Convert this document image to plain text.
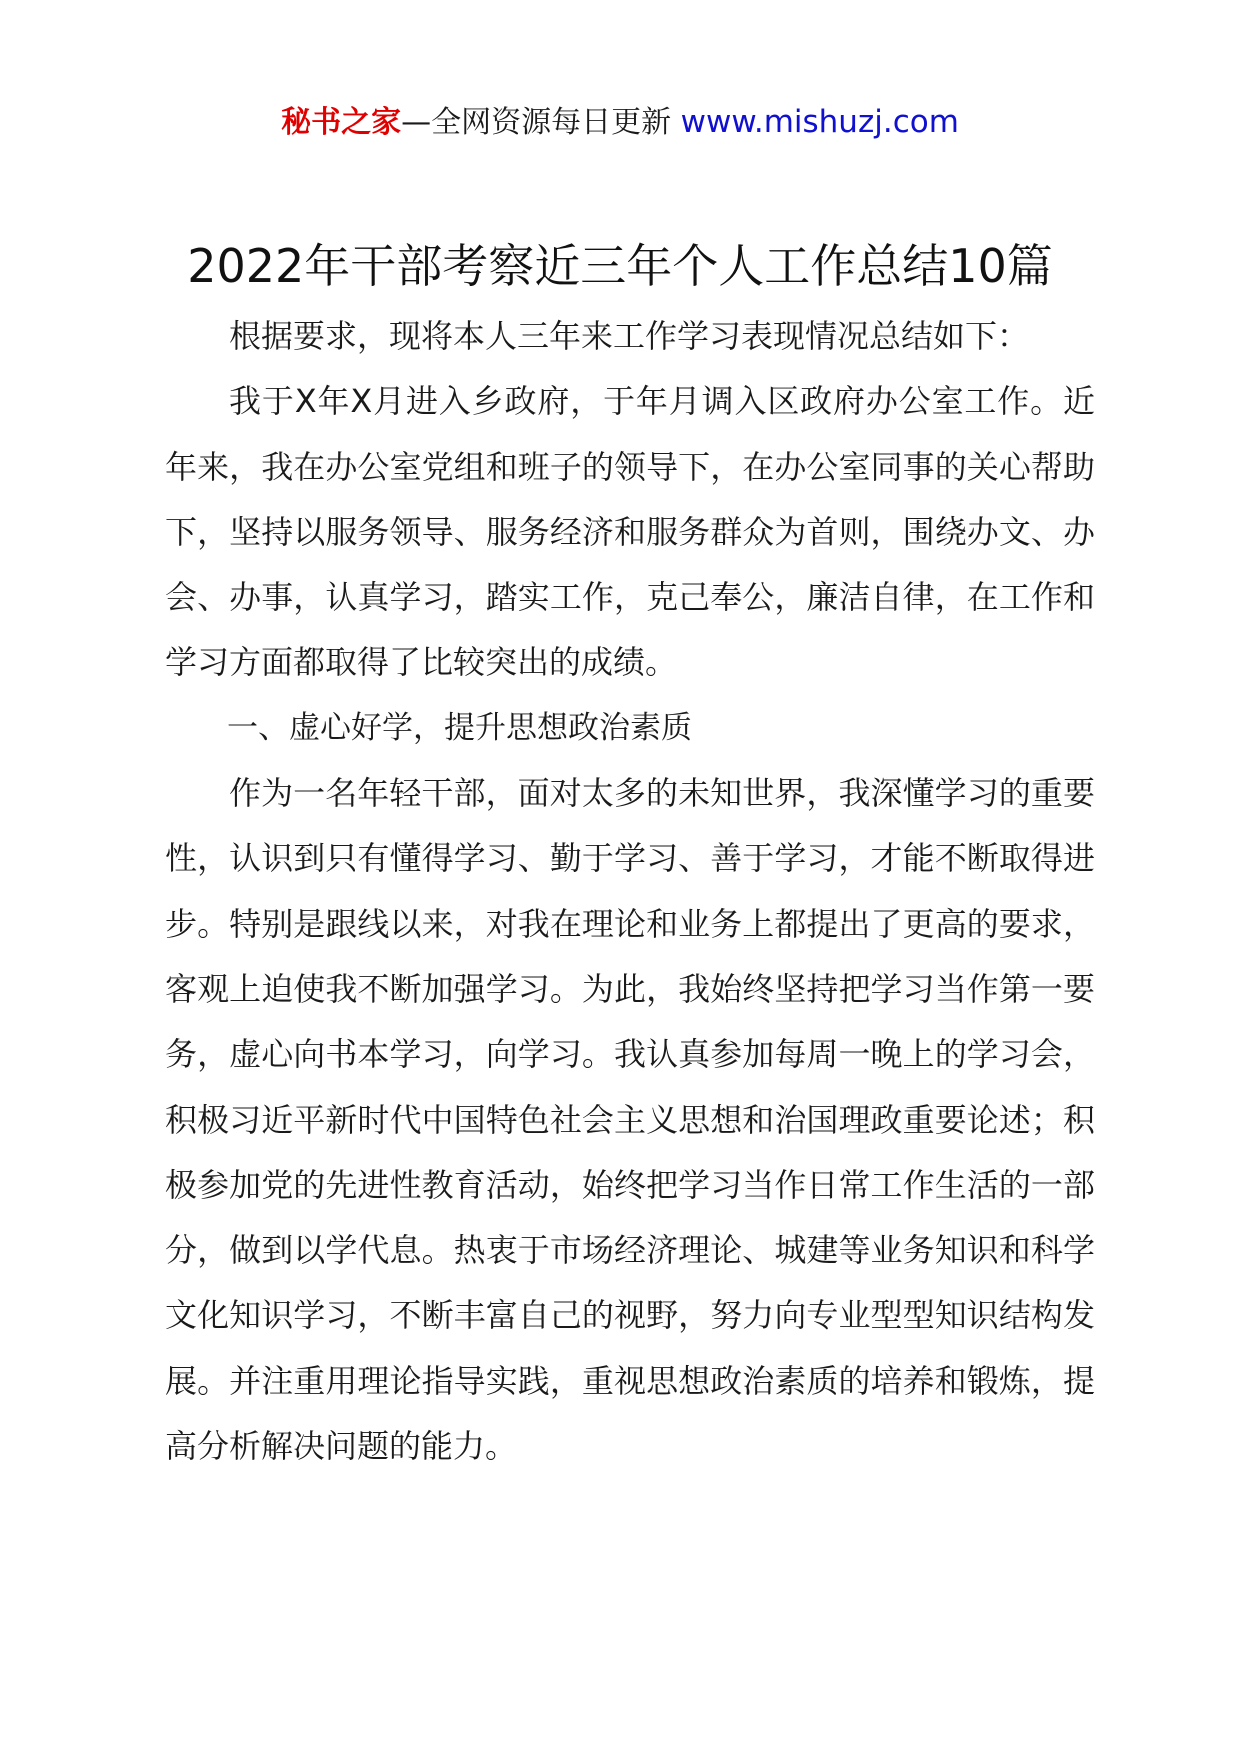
秘书之家—全网资源每日更新 www.mishuzj.com
2022年干部考察近三年个人工作总结10篇

根据要求，现将本人三年来工作学习表现情况总结如下：

我于X年X月进入乡政府，于年月调入区政府办公室工作。近年来，我在办公室党组和班子的领导下，在办公室同事的关心帮助下，坚持以服务领导、服务经济和服务群众为首则，围绕办文、办会、办事，认真学习，踏实工作，克己奉公，廉洁自律，在工作和学习方面都取得了比较突出的成绩。

一、虚心好学，提升思想政治素质

作为一名年轻干部，面对太多的未知世界，我深懂学习的重要性，认识到只有懂得学习、勤于学习、善于学习，才能不断取得进步。特别是跟线以来，对我在理论和业务上都提出了更高的要求，客观上迫使我不断加强学习。为此，我始终坚持把学习当作第一要务，虚心向书本学习，向学习。我认真参加每周一晚上的学习会，积极习近平新时代中国特色社会主义思想和治国理政重要论述；积极参加党的先进性教育活动，始终把学习当作日常工作生活的一部分，做到以学代息。热衷于市场经济理论、城建等业务知识和科学文化知识学习，不断丰富自己的视野，努力向专业型型知识结构发展。并注重用理论指导实践，重视思想政治素质的培养和锻炼，提高分析解决问题的能力。
